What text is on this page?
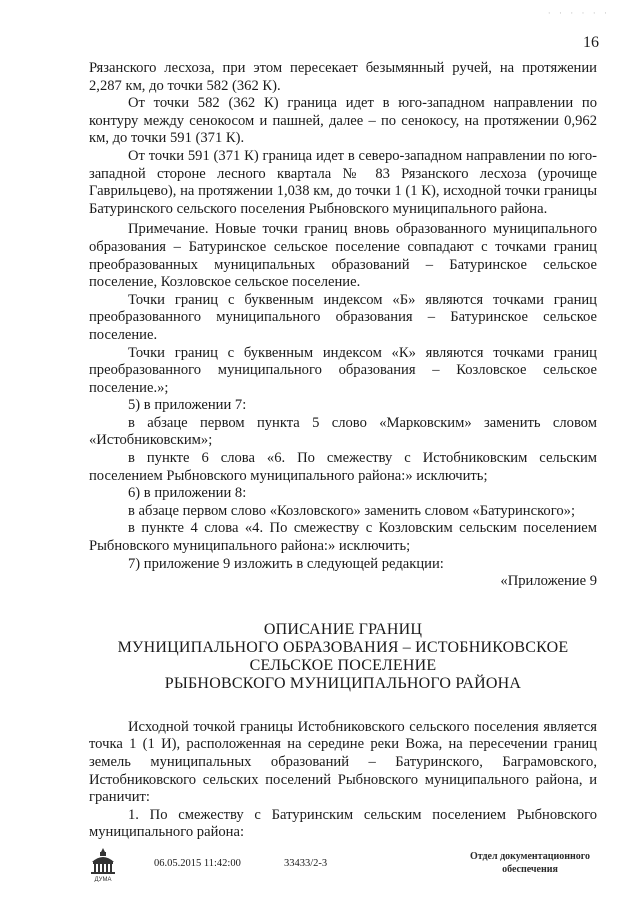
· · · · · ·
16

Рязанского лесхоза, при этом пересекает безымянный ручей, на протяжении 2,287 км, до точки 582 (362 К).

От точки 582 (362 К) граница идет в юго-западном направлении по контуру между сенокосом и пашней, далее – по сенокосу, на протяжении 0,962 км, до точки 591 (371 К).

От точки 591 (371 К) граница идет в северо-западном направлении по юго-западной стороне лесного квартала № 83 Рязанского лесхоза (урочище Гаврильцево), на протяжении 1,038 км, до точки 1 (1 К), исходной точки границы Батуринского сельского поселения Рыбновского муниципального района.

Примечание. Новые точки границ вновь образованного муниципального образования – Батуринское сельское поселение совпадают с точками границ преобразованных муниципальных образований – Батуринское сельское поселение, Козловское сельское поселение.

Точки границ с буквенным индексом «Б» являются точками границ преобразованного муниципального образования – Батуринское сельское поселение.

Точки границ с буквенным индексом «К» являются точками границ преобразованного муниципального образования – Козловское сельское поселение.»;

5) в приложении 7:

в абзаце первом пункта 5 слово «Марковским» заменить словом «Истобниковским»;

в пункте 6 слова «6. По смежеству с Истобниковским сельским поселением Рыбновского муниципального района:» исключить;

6) в приложении 8:

в абзаце первом слово «Козловского» заменить словом «Батуринского»;

в пункте 4 слова «4. По смежеству с Козловским сельским поселением Рыбновского муниципального района:» исключить;

7) приложение 9 изложить в следующей редакции:

«Приложение 9

ОПИСАНИЕ ГРАНИЦ
МУНИЦИПАЛЬНОГО ОБРАЗОВАНИЯ – ИСТОБНИКОВСКОЕ
СЕЛЬСКОЕ ПОСЕЛЕНИЕ
РЫБНОВСКОГО МУНИЦИПАЛЬНОГО РАЙОНА

Исходной точкой границы Истобниковского сельского поселения является точка 1 (1 И), расположенная на середине реки Вожа, на пересечении границ земель муниципальных образований – Батуринского, Баграмовского, Истобниковского сельских поселений Рыбновского муниципального района, и граничит:

1. По смежеству с Батуринским сельским поселением Рыбновского муниципального района:

ДУМА
06.05.2015 11:42:00	33433/2-3
Отдел документационного
обеспечения
